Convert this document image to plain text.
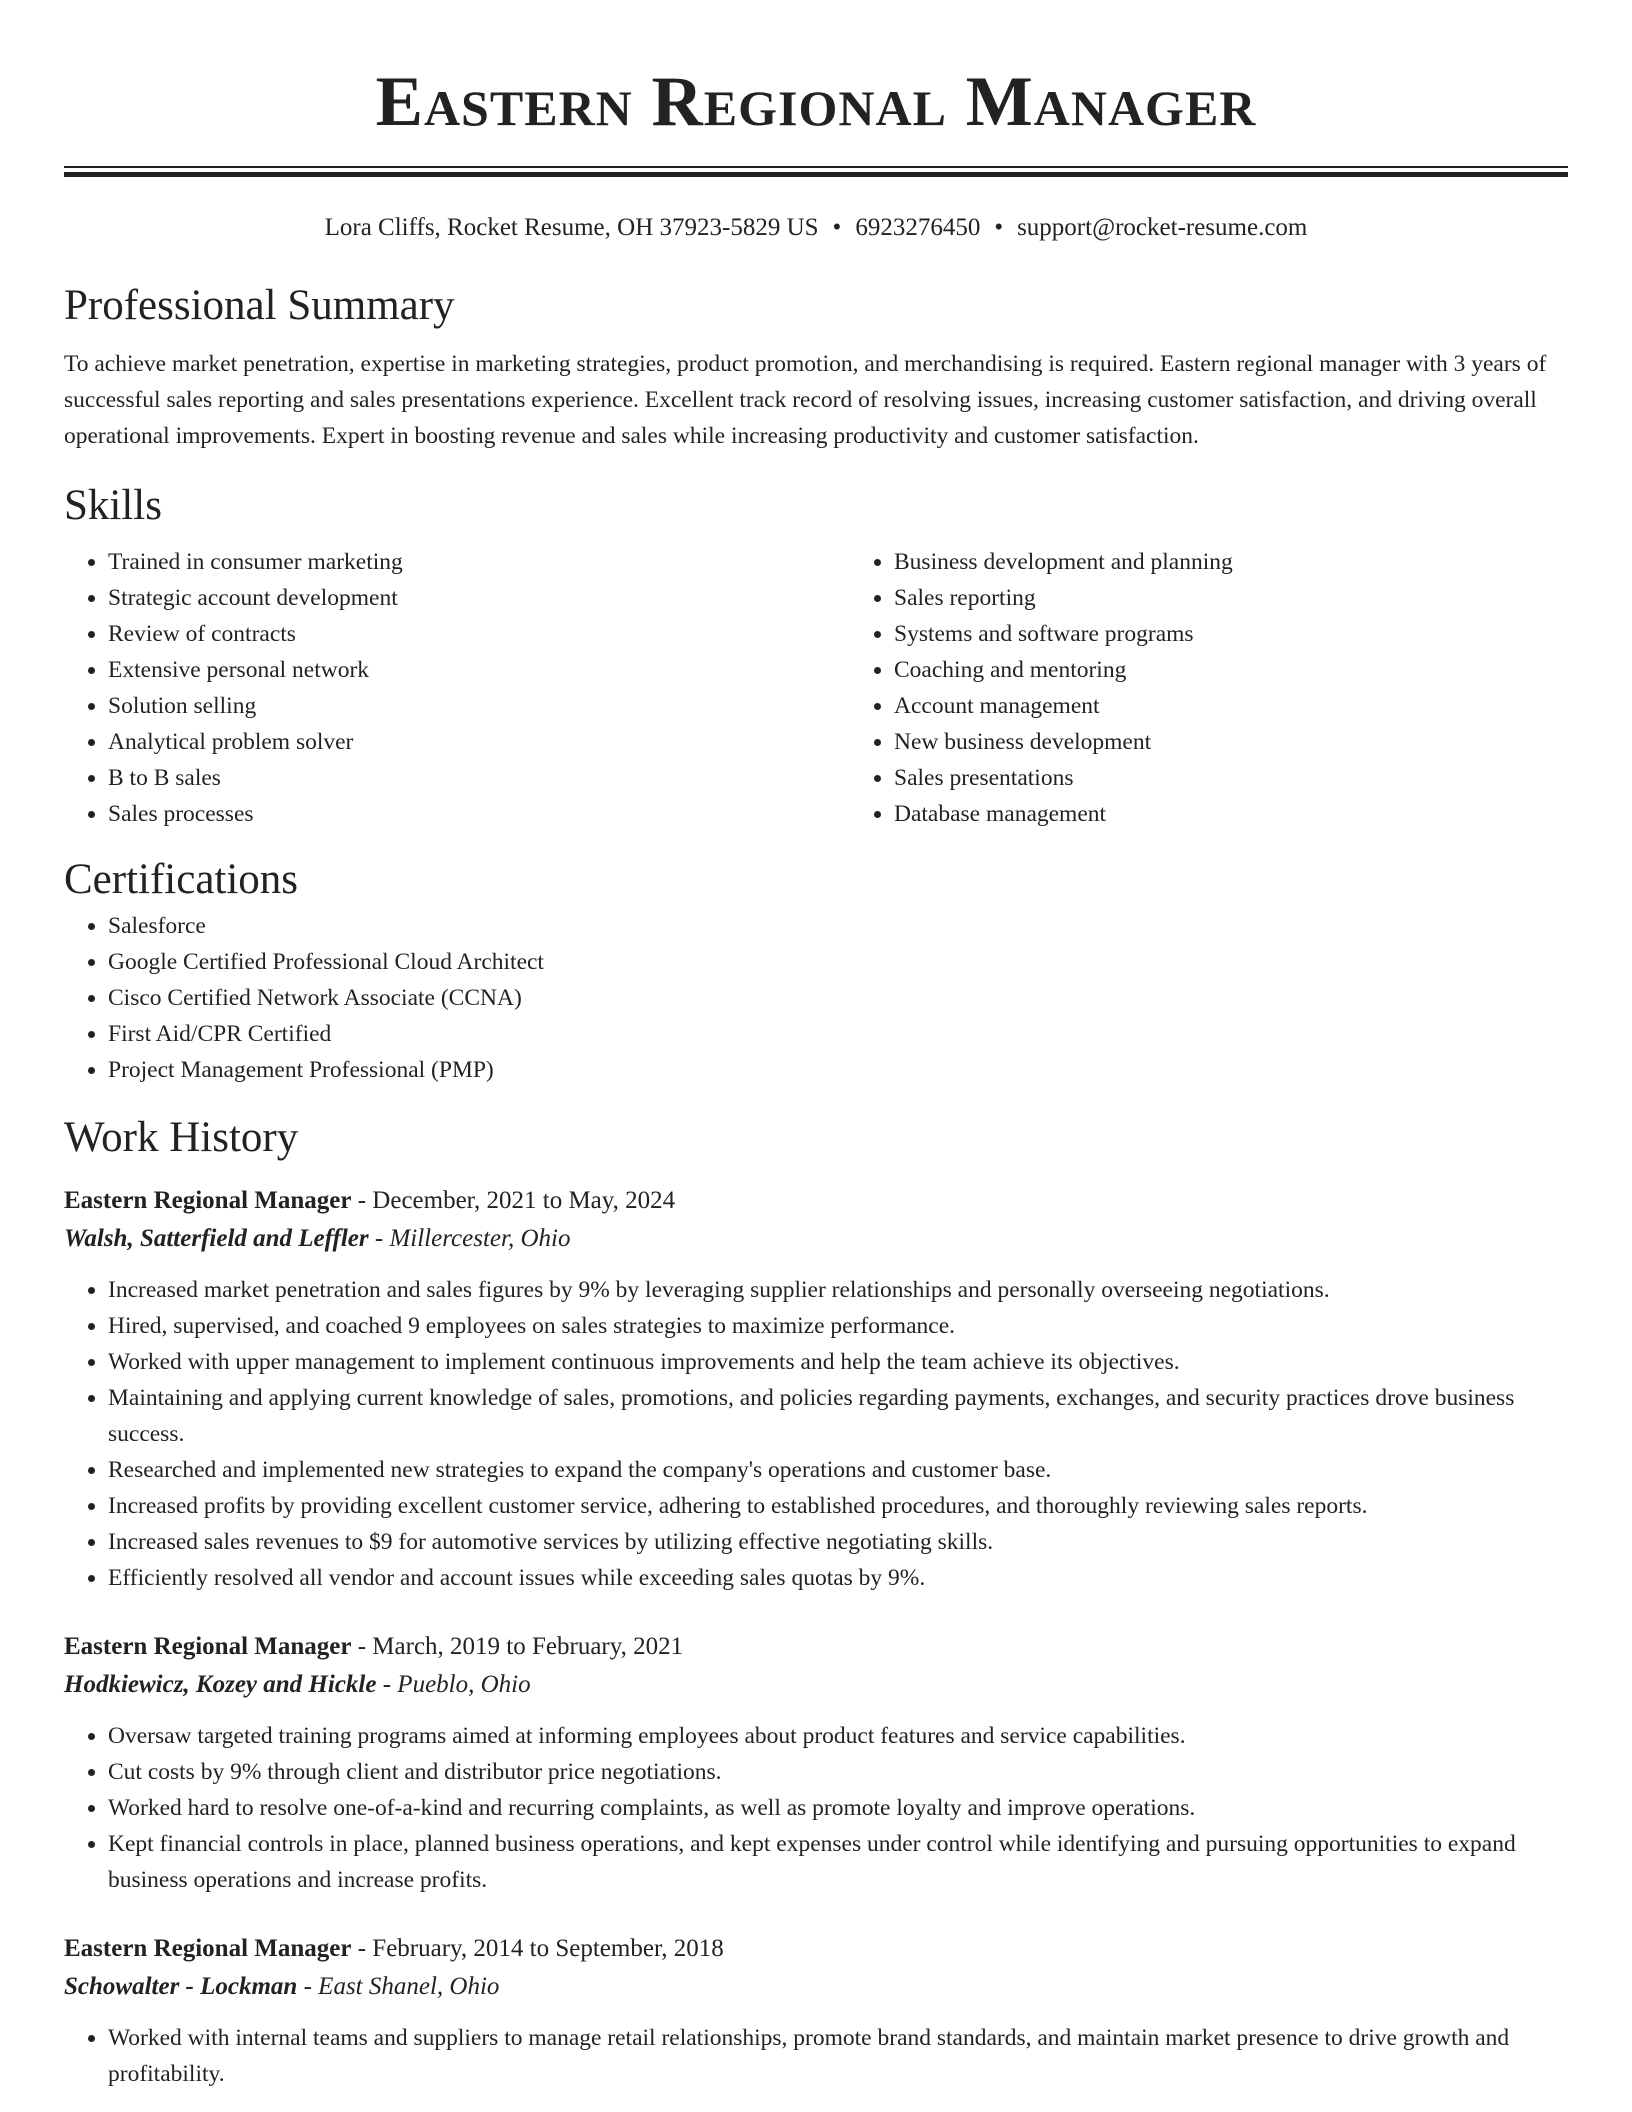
Eastern Regional Manager
Lora Cliffs, Rocket Resume, OH 37923-5829 US • 6923276450 • support@rocket-resume.com
Professional Summary

To achieve market penetration, expertise in marketing strategies, product promotion, and merchandising is required. Eastern regional manager with 3 years of successful sales reporting and sales presentations experience. Excellent track record of resolving issues, increasing customer satisfaction, and driving overall operational improvements. Expert in boosting revenue and sales while increasing productivity and customer satisfaction.

Skills
• Trained in consumer marketing
• Strategic account development
• Review of contracts
• Extensive personal network
• Solution selling
• Analytical problem solver
• B to B sales
• Sales processes
• Business development and planning
• Sales reporting
• Systems and software programs
• Coaching and mentoring
• Account management
• New business development
• Sales presentations
• Database management
Certifications
• Salesforce
• Google Certified Professional Cloud Architect
• Cisco Certified Network Associate (CCNA)
• First Aid/CPR Certified
• Project Management Professional (PMP)
Work History
Eastern Regional Manager - December, 2021 to May, 2024
Walsh, Satterfield and Leffler - Millercester, Ohio
• Increased market penetration and sales figures by 9% by leveraging supplier relationships and personally overseeing negotiations.
• Hired, supervised, and coached 9 employees on sales strategies to maximize performance.
• Worked with upper management to implement continuous improvements and help the team achieve its objectives.
• Maintaining and applying current knowledge of sales, promotions, and policies regarding payments, exchanges, and security practices drove business success.
• Researched and implemented new strategies to expand the company's operations and customer base.
• Increased profits by providing excellent customer service, adhering to established procedures, and thoroughly reviewing sales reports.
• Increased sales revenues to $9 for automotive services by utilizing effective negotiating skills.
• Efficiently resolved all vendor and account issues while exceeding sales quotas by 9%.
Eastern Regional Manager - March, 2019 to February, 2021
Hodkiewicz, Kozey and Hickle - Pueblo, Ohio
• Oversaw targeted training programs aimed at informing employees about product features and service capabilities.
• Cut costs by 9% through client and distributor price negotiations.
• Worked hard to resolve one-of-a-kind and recurring complaints, as well as promote loyalty and improve operations.
• Kept financial controls in place, planned business operations, and kept expenses under control while identifying and pursuing opportunities to expand business operations and increase profits.
Eastern Regional Manager - February, 2014 to September, 2018
Schowalter - Lockman - East Shanel, Ohio
• Worked with internal teams and suppliers to manage retail relationships, promote brand standards, and maintain market presence to drive growth and profitability.
